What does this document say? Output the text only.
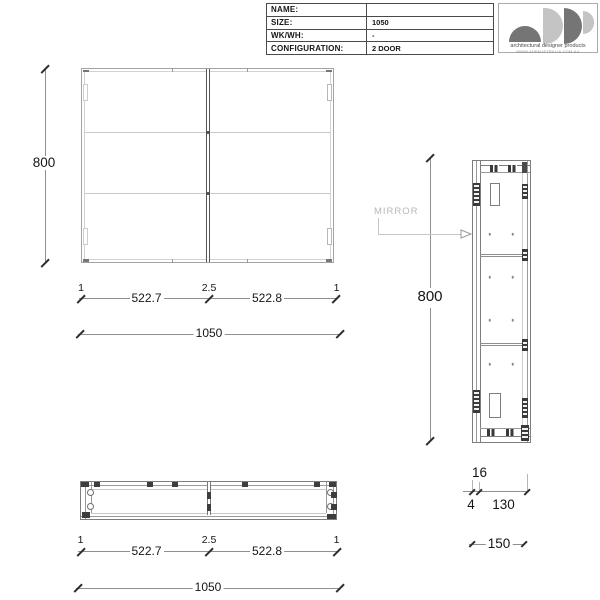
NAME:
SIZE:	1050
WK/WH:	-
CONFIGURATION:	2 DOOR	architectural designer products
WWW.ADPAUSTRALIA.COM.AU
800
1	2.5	1
522.7	522.8
1050
1	2.5	1
522.7	522.8
1050
800
MIRROR
16
4 130
150
